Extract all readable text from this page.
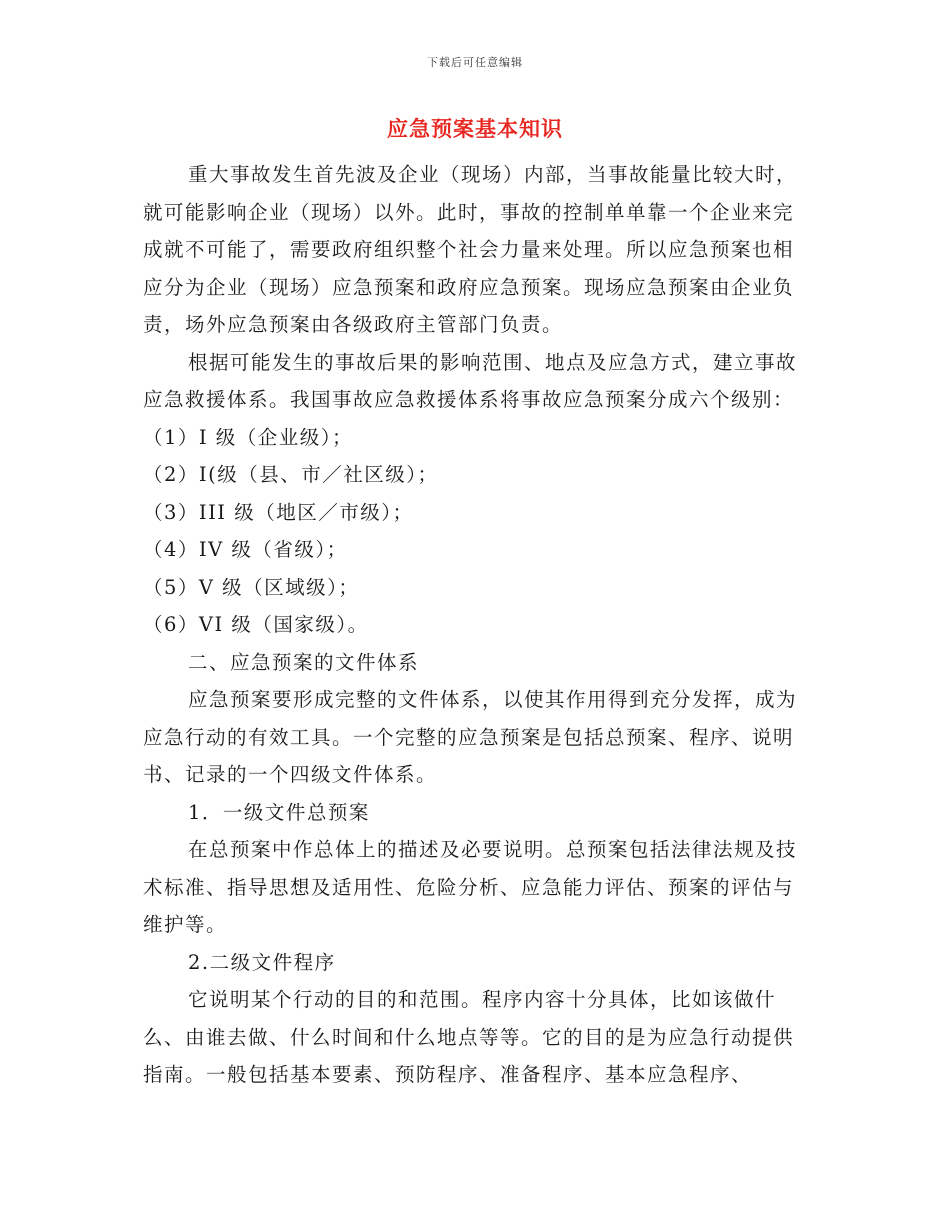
下载后可任意编辑
应急预案基本知识

重大事故发生首先波及企业（现场）内部，当事故能量比较大时，就可能影响企业（现场）以外。此时，事故的控制单单靠一个企业来完成就不可能了，需要政府组织整个社会力量来处理。所以应急预案也相应分为企业（现场）应急预案和政府应急预案。现场应急预案由企业负责，场外应急预案由各级政府主管部门负责。

根据可能发生的事故后果的影响范围、地点及应急方式，建立事故应急救援体系。我国事故应急救援体系将事故应急预案分成六个级别：

（1）I 级（企业级）；

（2）I(级（县、市／社区级）；

（3）III 级（地区／市级）；

（4）IV 级（省级）；

（5）V 级（区域级）；

（6）VI 级（国家级）。

二、应急预案的文件体系

应急预案要形成完整的文件体系，以使其作用得到充分发挥，成为应急行动的有效工具。一个完整的应急预案是包括总预案、程序、说明书、记录的一个四级文件体系。

1．一级文件总预案

在总预案中作总体上的描述及必要说明。总预案包括法律法规及技术标准、指导思想及适用性、危险分析、应急能力评估、预案的评估与维护等。

2.二级文件程序

它说明某个行动的目的和范围。程序内容十分具体，比如该做什么、由谁去做、什么时间和什么地点等等。它的目的是为应急行动提供指南。一般包括基本要素、预防程序、准备程序、基本应急程序、
